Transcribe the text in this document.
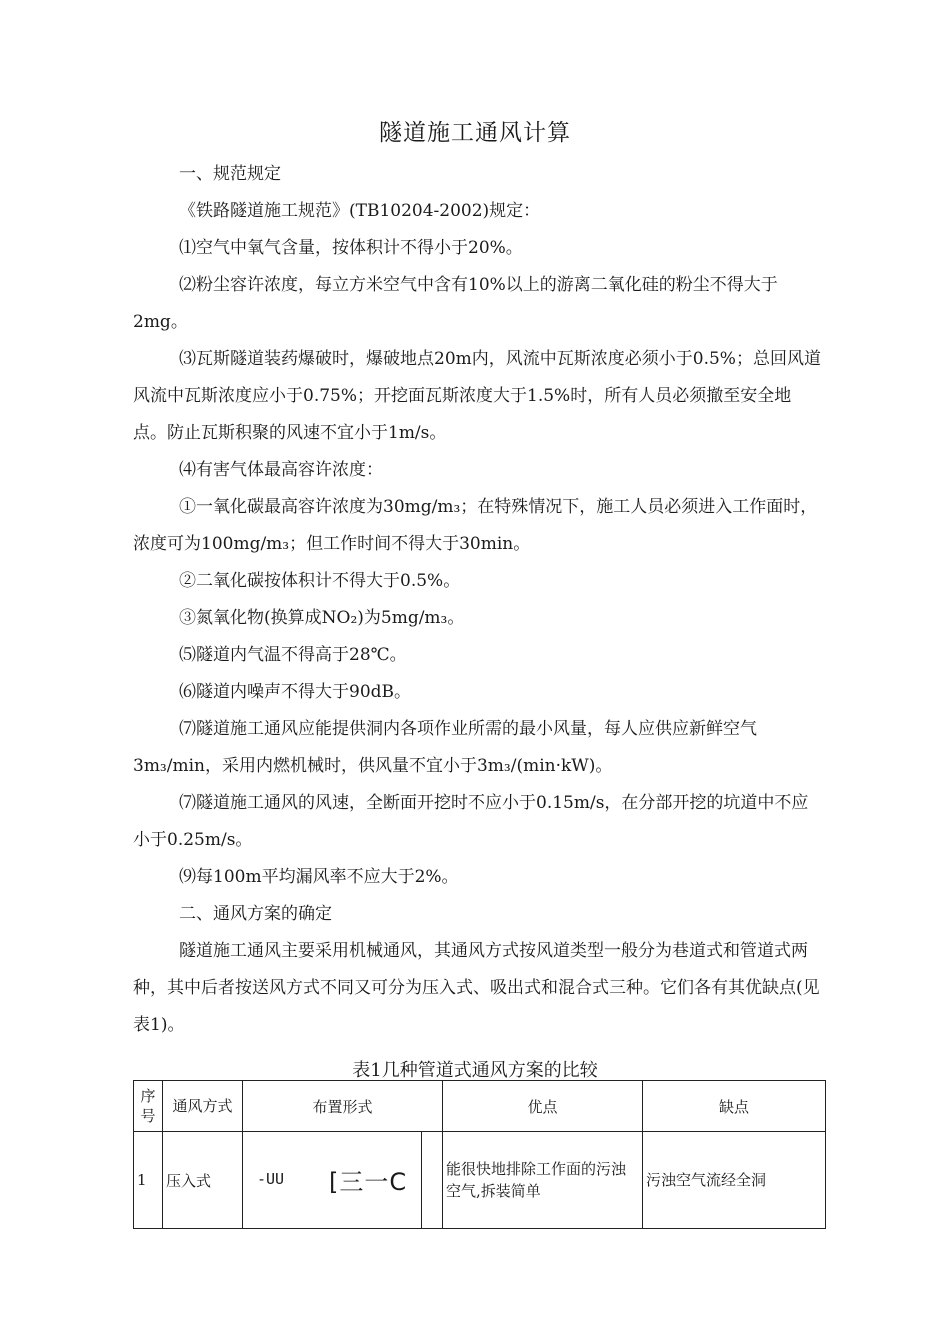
隧道施工通风计算

一、规范规定

《铁路隧道施工规范》(TB10204-2002)规定：

⑴空气中氧气含量，按体积计不得小于20%。

⑵粉尘容许浓度，每立方米空气中含有10%以上的游离二氧化硅的粉尘不得大于2mg。

⑶瓦斯隧道装药爆破时，爆破地点20m内，风流中瓦斯浓度必须小于0.5%；总回风道风流中瓦斯浓度应小于0.75%；开挖面瓦斯浓度大于1.5%时，所有人员必须撤至安全地点。防止瓦斯积聚的风速不宜小于1m/s。

⑷有害气体最高容许浓度：

①一氧化碳最高容许浓度为30mg/m₃；在特殊情况下，施工人员必须进入工作面时，浓度可为100mg/m₃；但工作时间不得大于30min。

②二氧化碳按体积计不得大于0.5%。

③氮氧化物(换算成NO₂)为5mg/m₃。

⑸隧道内气温不得高于28℃。

⑹隧道内噪声不得大于90dB。

⑺隧道施工通风应能提供洞内各项作业所需的最小风量，每人应供应新鲜空气3m₃/min，采用内燃机械时，供风量不宜小于3m₃/(min·kW)。

⑺隧道施工通风的风速，全断面开挖时不应小于0.15m/s，在分部开挖的坑道中不应小于0.25m/s。

⑼每100m平均漏风率不应大于2%。

二、通风方案的确定

隧道施工通风主要采用机械通风，其通风方式按风道类型一般分为巷道式和管道式两种，其中后者按送风方式不同又可分为压入式、吸出式和混合式三种。它们各有其优缺点(见表1)。

表1几种管道式通风方案的比较
序号	通风方式	布置形式	优点	缺点
1	压入式	-UU [三一C	能很快地排除工作面的污浊空气,拆装简单	污浊空气流经全洞
